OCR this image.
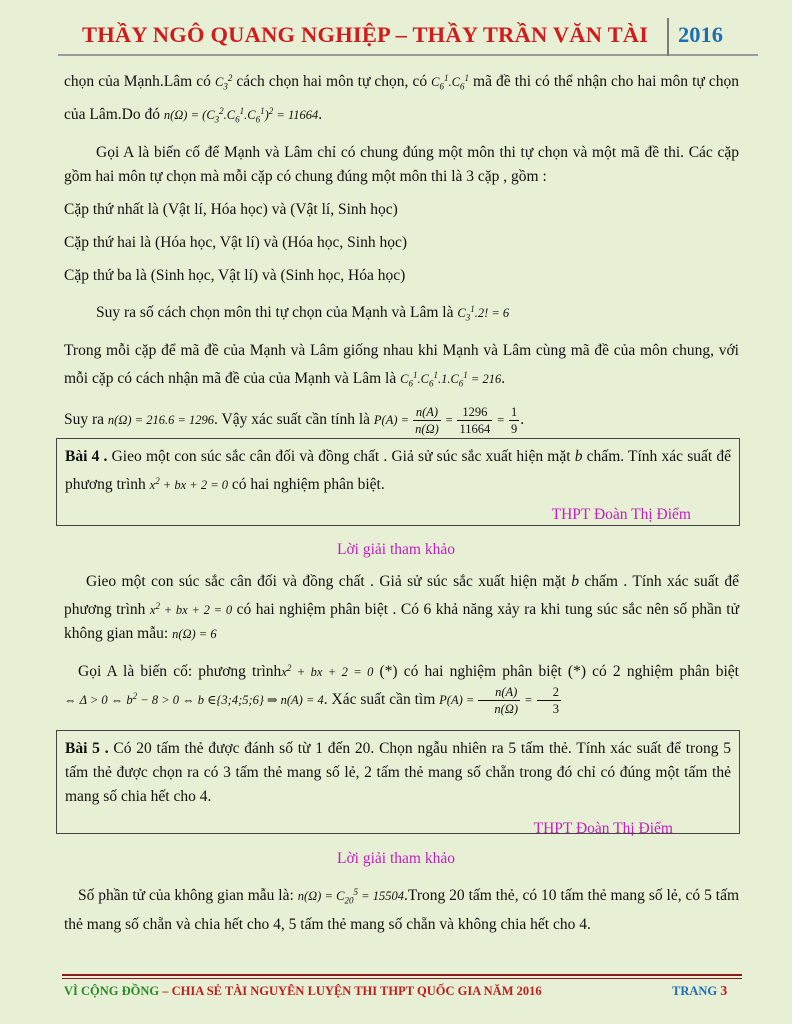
THẦY NGÔ QUANG NGHIỆP – THẦY TRẦN VĂN TÀI 2016

chọn của Mạnh.Lâm có $C_3^2$ cách chọn hai môn tự chọn, có $C_6^1.C_6^1$ mã đề thi có thể nhận cho hai môn tự chọn của Lâm.Do đó $n(\Omega) = (C_3^2.C_6^1.C_6^1)^2 = 11664$.

Gọi A là biến cố để Mạnh và Lâm chỉ có chung đúng một môn thi tự chọn và một mã đề thi. Các cặp gồm hai môn tự chọn mà mỗi cặp có chung đúng một môn thi là 3 cặp , gồm :

Cặp thứ nhất là (Vật lí, Hóa học) và (Vật lí, Sinh học)

Cặp thứ hai là (Hóa học, Vật lí) và (Hóa học, Sinh học)

Cặp thứ ba là (Sinh học, Vật lí) và (Sinh học, Hóa học)

Suy ra số cách chọn môn thi tự chọn của Mạnh và Lâm là $C_3^1.2$! = 6

Trong mỗi cặp để mã đề của Mạnh và Lâm giống nhau khi Mạnh và Lâm cùng mã đề của môn chung, với mỗi cặp có cách nhận mã đề của của Mạnh và Lâm là $C_6^1.C_6^1.1.C_6^1 = 216$.

Suy ra n(Ω) = 216.6 = 1296. Vậy xác suất cần tính là $P(A) = \frac{n(A)}{n(\Omega)} = \frac{1296}{11664} = \frac{1}{9}$ .

Bài 4 . Gieo một con súc sắc cân đối và đồng chất . Giả sử súc sắc xuất hiện mặt b chấm. Tính xác suất để phương trình $x^2$ + bx + 2 = 0 có hai nghiệm phân biệt.

THPT Đoàn Thị Điểm

Lời giải tham khảo

Gieo một con súc sắc cân đối và đồng chất . Giả sử súc sắc xuất hiện mặt b chấm . Tính xác suất để phương trình $x^2$ + bx + 2 = 0 có hai nghiệm phân biệt . Có 6 khả năng xảy ra khi tung súc sắc nên số phần tử không gian mẫu: n(Ω) = 6

Gọi A là biến cố: phương trìnhx$^2$ + bx + 2 = 0 (*) có hai nghiệm phân biệt (*) có 2 nghiệm phân biệt ⇔ Δ > 0 ⇔ $b^2 - 8 > 0$ ⇔ b ∈{3;4;5;6} ⇒ n(A) = 4. Xác suất cần tìm $P(A) = \frac{n(A)}{n(\Omega)} = \frac{2}{3}$

Bài 5 . Có 20 tấm thẻ được đánh số từ 1 đến 20. Chọn ngẫu nhiên ra 5 tấm thẻ. Tính xác suất để trong 5 tấm thẻ được chọn ra có 3 tấm thẻ mang số lẻ, 2 tấm thẻ mang số chẵn trong đó chỉ có đúng một tấm thẻ mang số chia hết cho 4.

THPT Đoàn Thị Điểm

Lời giải tham khảo

Số phần tử của không gian mẫu là: $n(\Omega) = C_{20}^5$ = 15504.Trong 20 tấm thẻ, có 10 tấm thẻ mang số lẻ, có 5 tấm thẻ mang số chẵn và chia hết cho 4, 5 tấm thẻ mang số chẵn và không chia hết cho 4.

VÌ CỘNG ĐỒNG – CHIA SẺ TÀI NGUYÊN LUYỆN THI THPT QUỐC GIA NĂM 2016	TRANG 3
